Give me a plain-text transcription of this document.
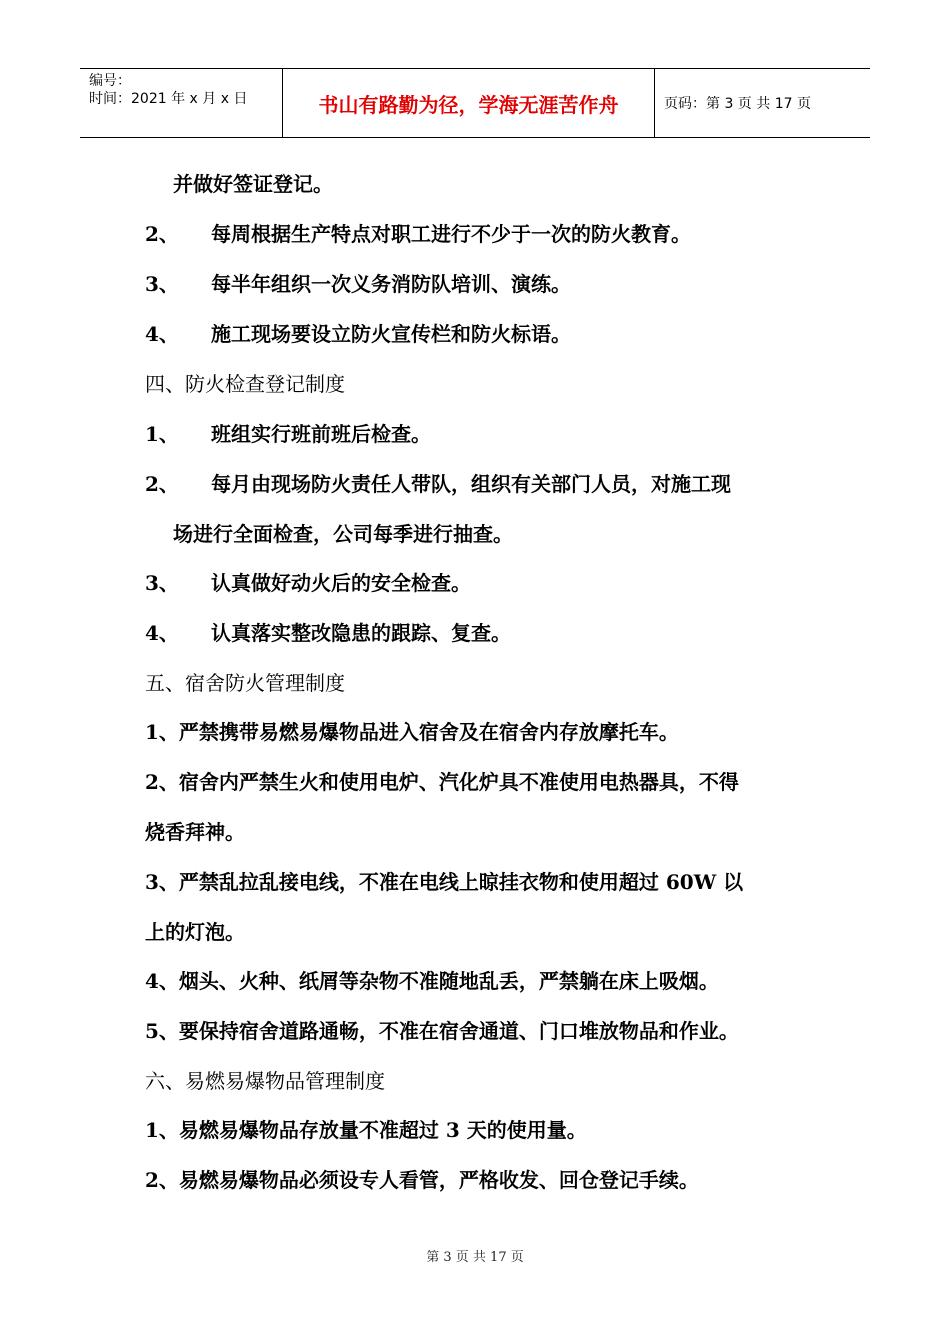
编号：
时间：2021 年 x 月 x 日	书山有路勤为径，学海无涯苦作舟	页码：第 3 页 共 17 页
并做好签证登记。
2、 每周根据生产特点对职工进行不少于一次的防火教育。
3、 每半年组织一次义务消防队培训、演练。
4、 施工现场要设立防火宣传栏和防火标语。
四、防火检查登记制度
1、 班组实行班前班后检查。
2、 每月由现场防火责任人带队，组织有关部门人员，对施工现
场进行全面检查，公司每季进行抽查。
3、 认真做好动火后的安全检查。
4、 认真落实整改隐患的跟踪、复查。
五、宿舍防火管理制度
1、严禁携带易燃易爆物品进入宿舍及在宿舍内存放摩托车。
2、宿舍内严禁生火和使用电炉、汽化炉具不准使用电热器具，不得
烧香拜神。
3、严禁乱拉乱接电线，不准在电线上晾挂衣物和使用超过 60W 以
上的灯泡。
4、烟头、火种、纸屑等杂物不准随地乱丢，严禁躺在床上吸烟。
5、要保持宿舍道路通畅，不准在宿舍通道、门口堆放物品和作业。
六、易燃易爆物品管理制度
1、易燃易爆物品存放量不准超过 3 天的使用量。
2、易燃易爆物品必须设专人看管，严格收发、回仓登记手续。
第 3 页 共 17 页
